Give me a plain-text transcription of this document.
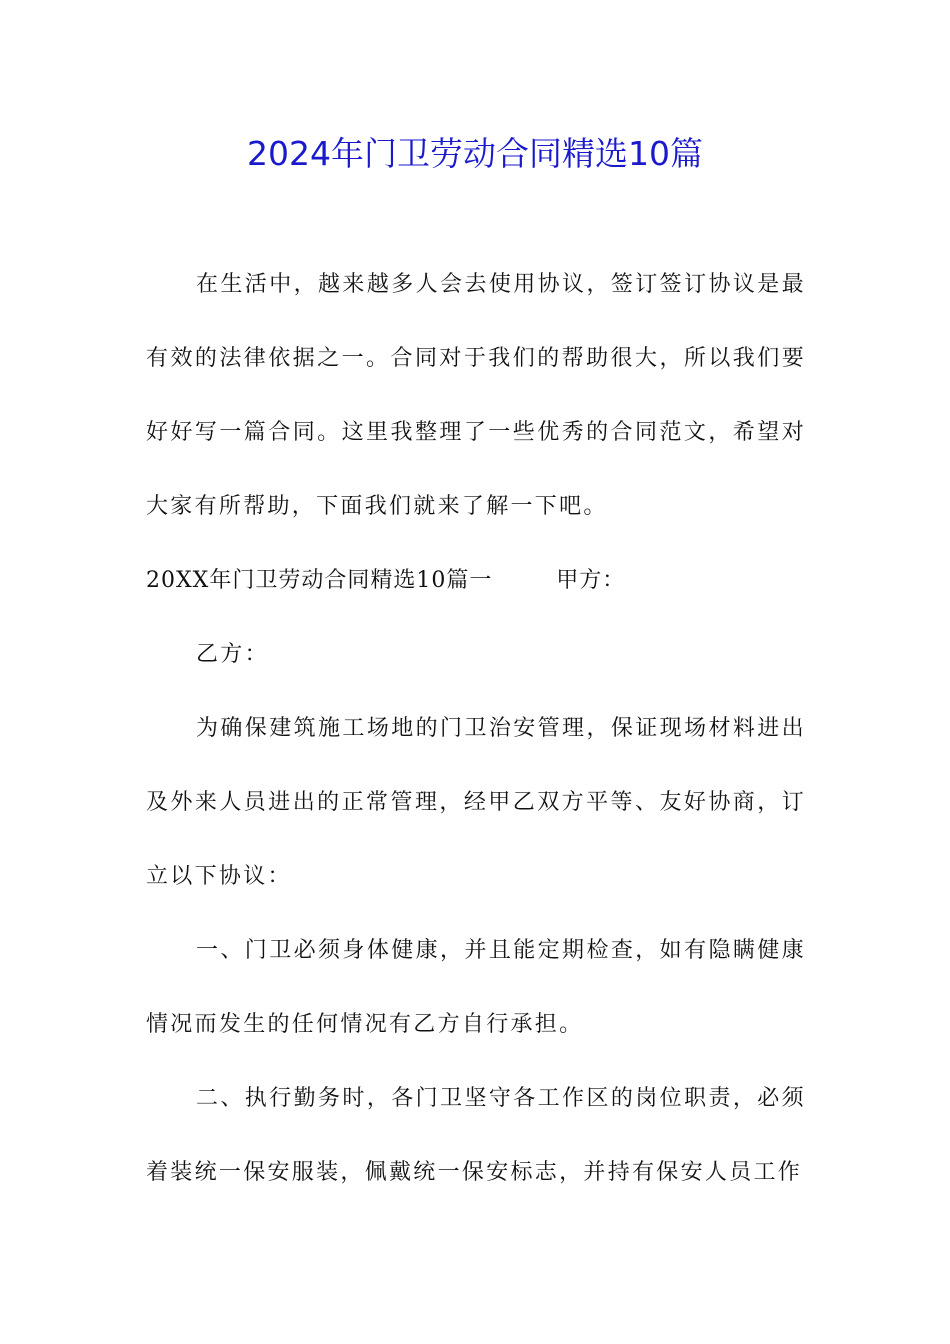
2024年门卫劳动合同精选10篇

在生活中，越来越多人会去使用协议，签订签订协议是最有效的法律依据之一。合同对于我们的帮助很大，所以我们要好好写一篇合同。这里我整理了一些优秀的合同范文，希望对大家有所帮助，下面我们就来了解一下吧。

20XX年门卫劳动合同精选10篇一	甲方：

乙方：

为确保建筑施工场地的门卫治安管理，保证现场材料进出及外来人员进出的正常管理，经甲乙双方平等、友好协商，订立以下协议：

一、门卫必须身体健康，并且能定期检查，如有隐瞒健康情况而发生的任何情况有乙方自行承担。

二、执行勤务时，各门卫坚守各工作区的岗位职责，必须着装统一保安服装，佩戴统一保安标志，并持有保安人员工作
